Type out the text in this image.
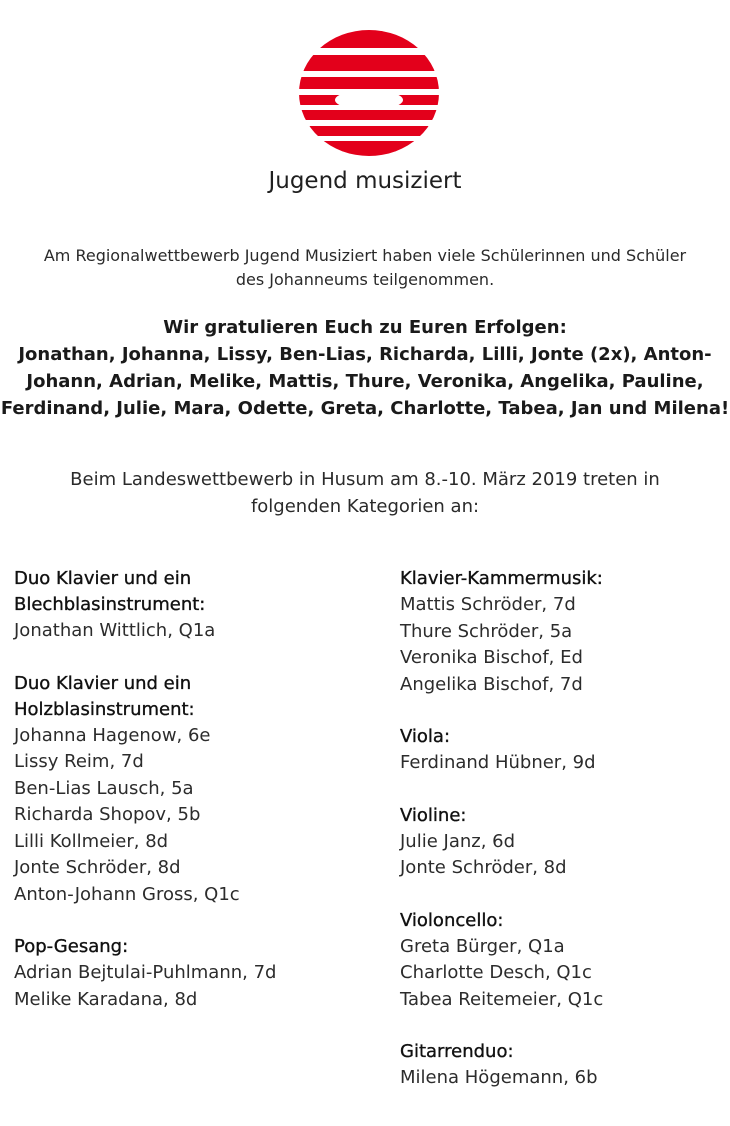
Jugend musiziert

Am Regionalwettbewerb Jugend Musiziert haben viele Schülerinnen und Schüler
des Johanneums teilgenommen.

Wir gratulieren Euch zu Euren Erfolgen:
Jonathan, Johanna, Lissy, Ben-Lias, Richarda, Lilli, Jonte (2x), Anton-
Johann, Adrian, Melike, Mattis, Thure, Veronika, Angelika, Pauline,
Ferdinand, Julie, Mara, Odette, Greta, Charlotte, Tabea, Jan und Milena!

Beim Landeswettbewerb in Husum am 8.-10. März 2019 treten in
folgenden Kategorien an:

Duo Klavier und ein
Blechblasinstrument:
Jonathan Wittlich, Q1a
Duo Klavier und ein
Holzblasinstrument:
Johanna Hagenow, 6e
Lissy Reim, 7d
Ben-Lias Lausch, 5a
Richarda Shopov, 5b
Lilli Kollmeier, 8d
Jonte Schröder, 8d
Anton-Johann Gross, Q1c
Pop-Gesang:
Adrian Bejtulai-Puhlmann, 7d
Melike Karadana, 8d
Klavier-Kammermusik:
Mattis Schröder, 7d
Thure Schröder, 5a
Veronika Bischof, Ed
Angelika Bischof, 7d
Viola:
Ferdinand Hübner, 9d
Violine:
Julie Janz, 6d
Jonte Schröder, 8d
Violoncello:
Greta Bürger, Q1a
Charlotte Desch, Q1c
Tabea Reitemeier, Q1c
Gitarrenduo:
Milena Högemann, 6b
